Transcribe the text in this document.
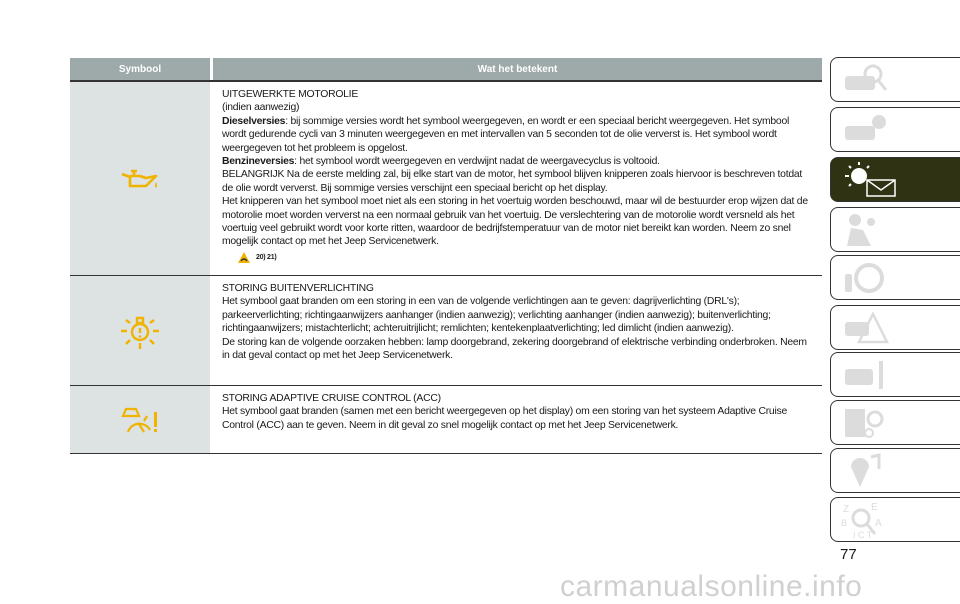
Symbool	Wat het betekent

UITGEWERKTE MOTOROLIE

(indien aanwezig)

Dieselversies: bij sommige versies wordt het symbool weergegeven, en wordt er een speciaal bericht weergegeven. Het symbool wordt gedurende cycli van 3 minuten weergegeven en met intervallen van 5 seconden tot de olie ververst is. Het symbool wordt weergegeven tot het probleem is opgelost.

Benzineversies: het symbool wordt weergegeven en verdwijnt nadat de weergavecyclus is voltooid.

BELANGRIJK Na de eerste melding zal, bij elke start van de motor, het symbool blijven knipperen zoals hiervoor is beschreven totdat de olie wordt ververst. Bij sommige versies verschijnt een speciaal bericht op het display.

Het knipperen van het symbool moet niet als een storing in het voertuig worden beschouwd, maar wil de bestuurder erop wijzen dat de motorolie moet worden ververst na een normaal gebruik van het voertuig. De verslechtering van de motorolie wordt versneld als het voertuig veel gebruikt wordt voor korte ritten, waardoor de bedrijfstemperatuur van de motor niet bereikt kan worden. Neem zo snel mogelijk contact op met het Jeep Servicenetwerk.

20) 21)

STORING BUITENVERLICHTING

Het symbool gaat branden om een storing in een van de volgende verlichtingen aan te geven: dagrijverlichting (DRL's); parkeerverlichting; richtingaanwijzers aanhanger (indien aanwezig); verlichting aanhanger (indien aanwezig); buitenverlichting; richtingaanwijzers; mistachterlicht; achteruitrijlicht; remlichten; kentekenplaatverlichting; led dimlicht (indien aanwezig).

De storing kan de volgende oorzaken hebben: lamp doorgebrand, zekering doorgebrand of elektrische verbinding onderbroken. Neem in dat geval contact op met het Jeep Servicenetwerk.

STORING ADAPTIVE CRUISE CONTROL (ACC)

Het symbool gaat branden (samen met een bericht weergegeven op het display) om een storing van het systeem Adaptive Cruise Control (ACC) aan te geven. Neem in dit geval zo snel mogelijk contact op met het Jeep Servicenetwerk.

Z E
B	A
I C T
77
carmanualsonline.info
